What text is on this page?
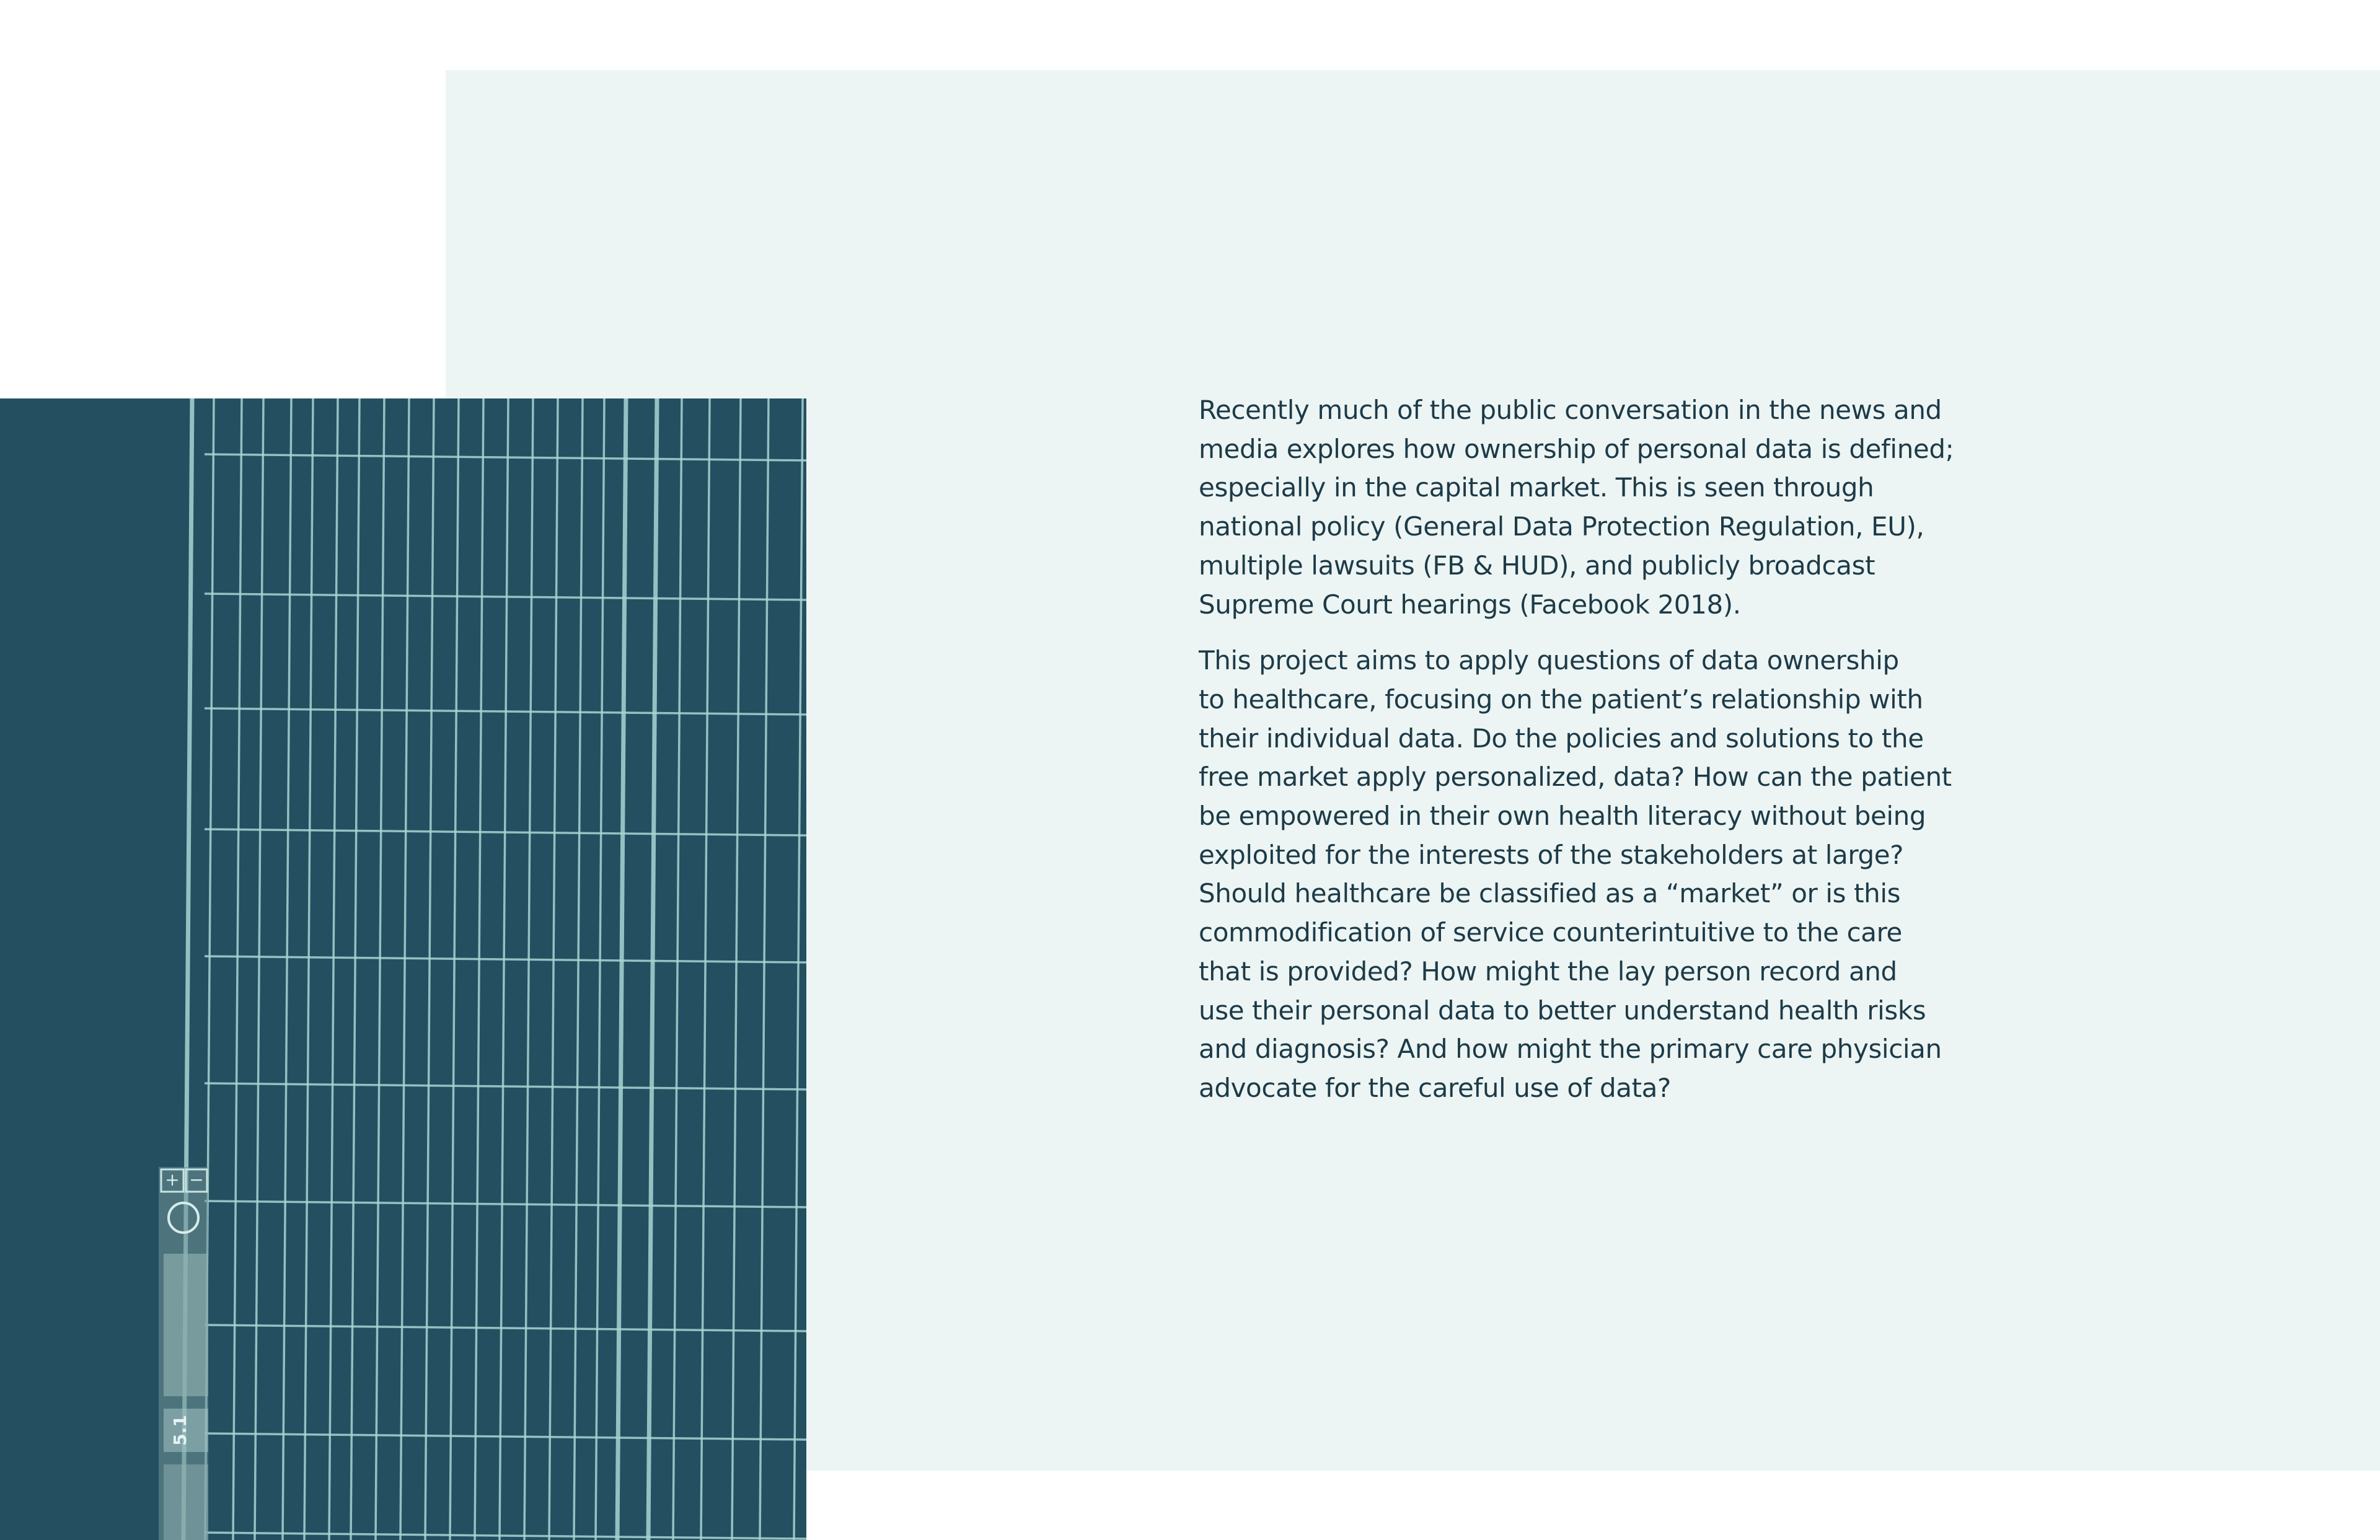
+ −
5.1

Recently much of the public conversation in the news and
media explores how ownership of personal data is defined;
especially in the capital market. This is seen through
national policy (General Data Protection Regulation, EU),
multiple lawsuits (FB & HUD), and publicly broadcast
Supreme Court hearings (Facebook 2018).

This project aims to apply questions of data ownership
to healthcare, focusing on the patient’s relationship with
their individual data. Do the policies and solutions to the
free market apply personalized, data? How can the patient
be empowered in their own health literacy without being
exploited for the interests of the stakeholders at large?
Should healthcare be classified as a “market” or is this
commodification of service counterintuitive to the care
that is provided? How might the lay person record and
use their personal data to better understand health risks
and diagnosis? And how might the primary care physician
advocate for the careful use of data?
